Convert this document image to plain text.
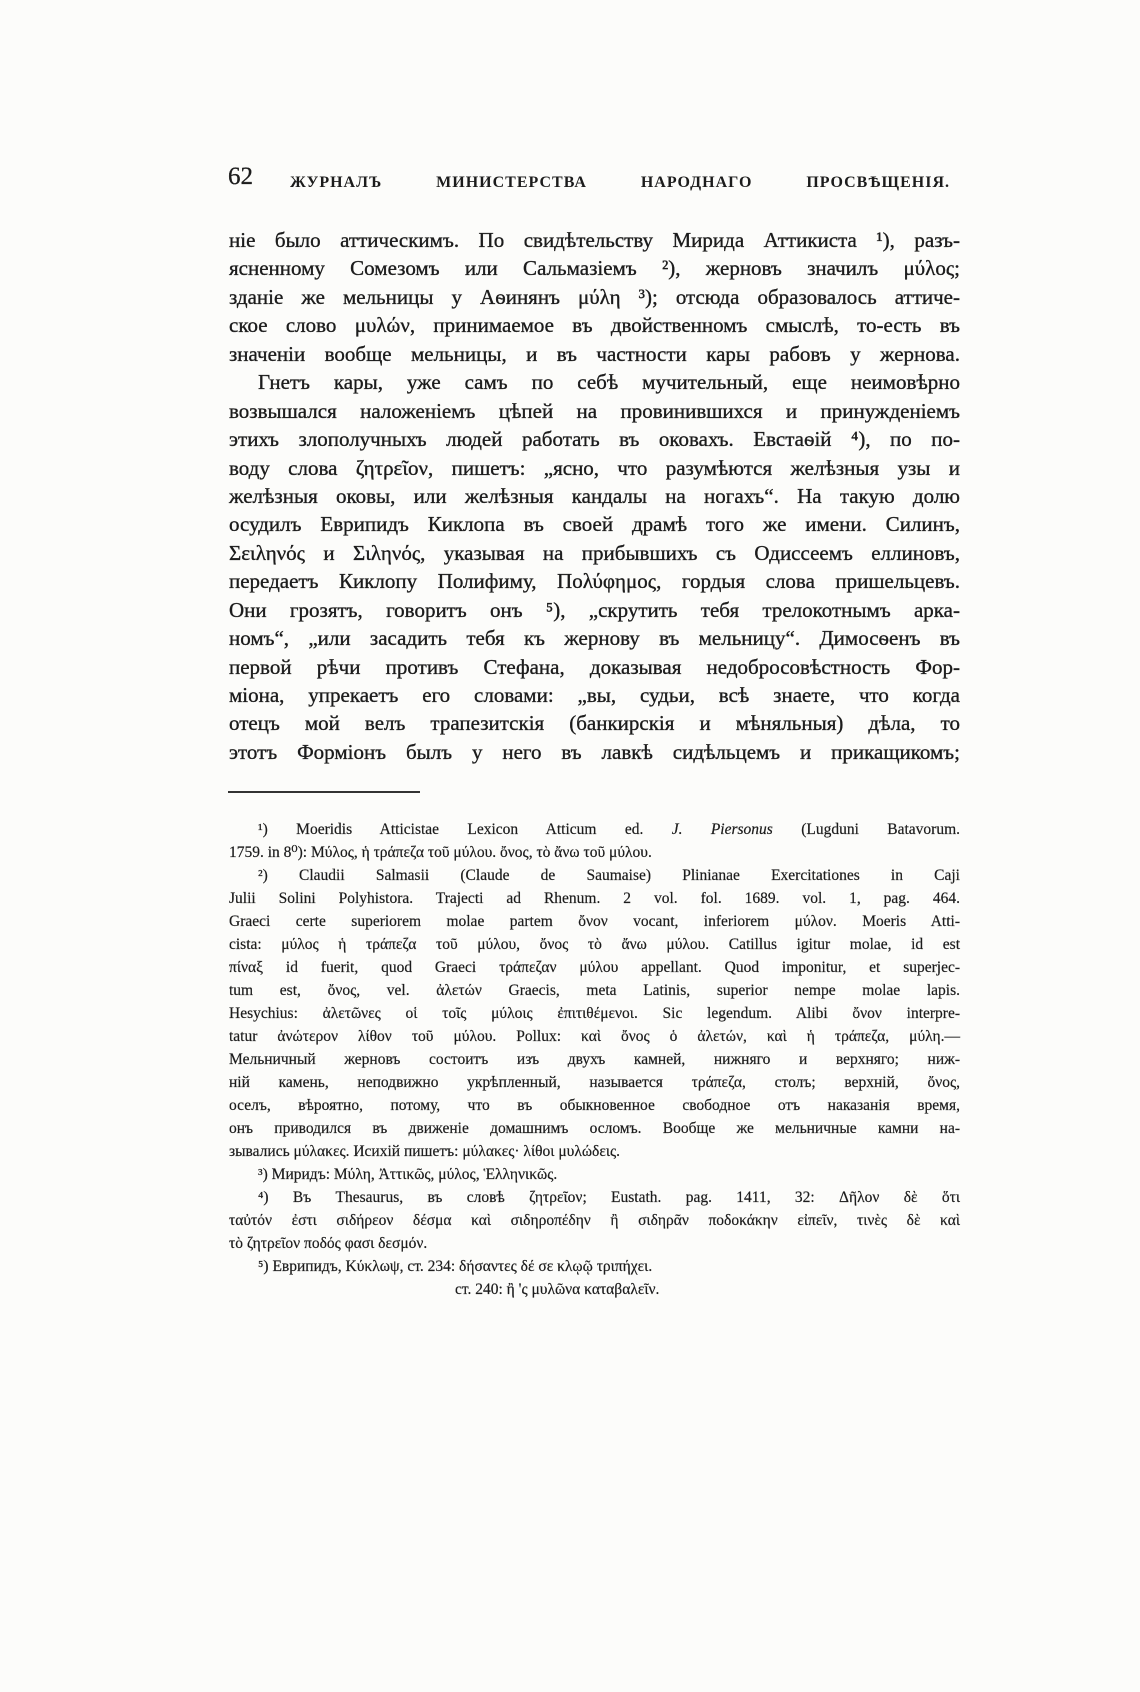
62 ЖУРНАЛЪ МИНИСТЕРСТВА НАРОДНАГО ПРОСВѢЩЕНІЯ.
ніе было аттическимъ. По свидѣтельству Мирида Аттикиста ¹), разъ-
ясненному Сомезомъ или Сальмазіемъ ²), жерновъ значилъ μύλος;
зданіе же мельницы у Аѳинянъ μύλη ³); отсюда образовалось аттиче-
ское слово μυλών, принимаемое въ двойственномъ смыслѣ, то-есть въ
значеніи вообще мельницы, и въ частности кары рабовъ у жернова.
Гнетъ кары, уже самъ по себѣ мучительный, еще неимовѣрно
возвышался наложеніемъ цѣпей на провинившихся и принужденіемъ
этихъ злополучныхъ людей работать въ оковахъ. Евстаѳій ⁴), по по-
воду слова ζητρεῖον, пишетъ: „ясно, что разумѣются желѣзныя узы и
желѣзныя оковы, или желѣзныя кандалы на ногахъ“. На такую долю
осудилъ Еврипидъ Киклопа въ своей драмѣ того же имени. Силинъ,
Σειληνός и Σιληνός, указывая на прибывшихъ съ Одиссеемъ еллиновъ,
передаетъ Киклопу Полифиму, Πολύφημος, гордыя слова пришельцевъ.
Они грозятъ, говоритъ онъ ⁵), „скрутить тебя трелокотнымъ арка-
номъ“, „или засадить тебя къ жернову въ мельницу“. Димосѳенъ въ
первой рѣчи противъ Стефана, доказывая недобросовѣстность Фор-
міона, упрекаетъ его словами: „вы, судьи, всѣ знаете, что когда
отецъ мой велъ трапезитскія (банкирскія и мѣняльныя) дѣла, то
этотъ Форміонъ былъ у него въ лавкѣ сидѣльцемъ и прикащикомъ;
¹) Moeridis Atticistae Lexicon Atticum ed. J. Piersonus (Lugduni Batavorum.
1759. in 8⁰): Μύλος, ἡ τράπεζα τοῦ μύλου. ὄνος, τὸ ἄνω τοῦ μύλου.
²) Claudii Salmasii (Claude de Saumaise) Plinianae Exercitationes in Caji
Julii Solini Polyhistora. Trajecti ad Rhenum. 2 vol. fol. 1689. vol. 1, pag. 464.
Graeci certe superiorem molae partem ὄνον vocant, inferiorem μύλον. Moeris Atti-
cista: μύλος ἡ τράπεζα τοῦ μύλου, ὄνος τὸ ἄνω μύλου. Catillus igitur molae, id est
πίναξ id fuerit, quod Graeci τράπεζαν μύλου appellant. Quod imponitur, et superjec-
tum est, ὄνος, vel. ἀλετών Graecis, meta Latinis, superior nempe molae lapis.
Hesychius: ἀλετῶνες οἱ τοῖς μύλοις ἐπιτιθέμενοι. Sic legendum. Alibi ὄνον interpre-
tatur ἀνώτερον λίθον τοῦ μύλου. Pollux: καὶ ὄνος ὁ ἀλετών, καὶ ἡ τράπεζα, μύλη.—
Мельничный жерновъ состоитъ изъ двухъ камней, нижняго и верхняго; ниж-
ній камень, неподвижно укрѣпленный, называется τράπεζα, столъ; верхній, ὄνος,
оселъ, вѣроятно, потому, что въ обыкновенное свободное отъ наказанія время,
онъ приводился въ движеніе домашнимъ осломъ. Вообще же мельничные камни на-
зывались μύλακες. Исихій пишетъ: μύλακες· λίθοι μυλώδεις.
³) Миридъ: Μύλη, Ἀττικῶς, μύλος, Ἑλληνικῶς.
⁴) Въ Thesaurus, въ словѣ ζητρεῖον; Eustath. pag. 1411, 32: Δῆλον δὲ ὅτι
ταὐτόν ἐστι σιδήρεον δέσμα καὶ σιδηροπέδην ἢ σιδηρᾶν ποδοκάκην εἰπεῖν, τινὲς δὲ καὶ
τὸ ζητρεῖον ποδός φασι δεσμόν.
⁵) Еврипидъ, Κύκλωψ, ст. 234: δήσαντες δέ σε κλῳῷ τριπήχει.
ст. 240: ἢ 'ς μυλῶνα καταβαλεῖν.
